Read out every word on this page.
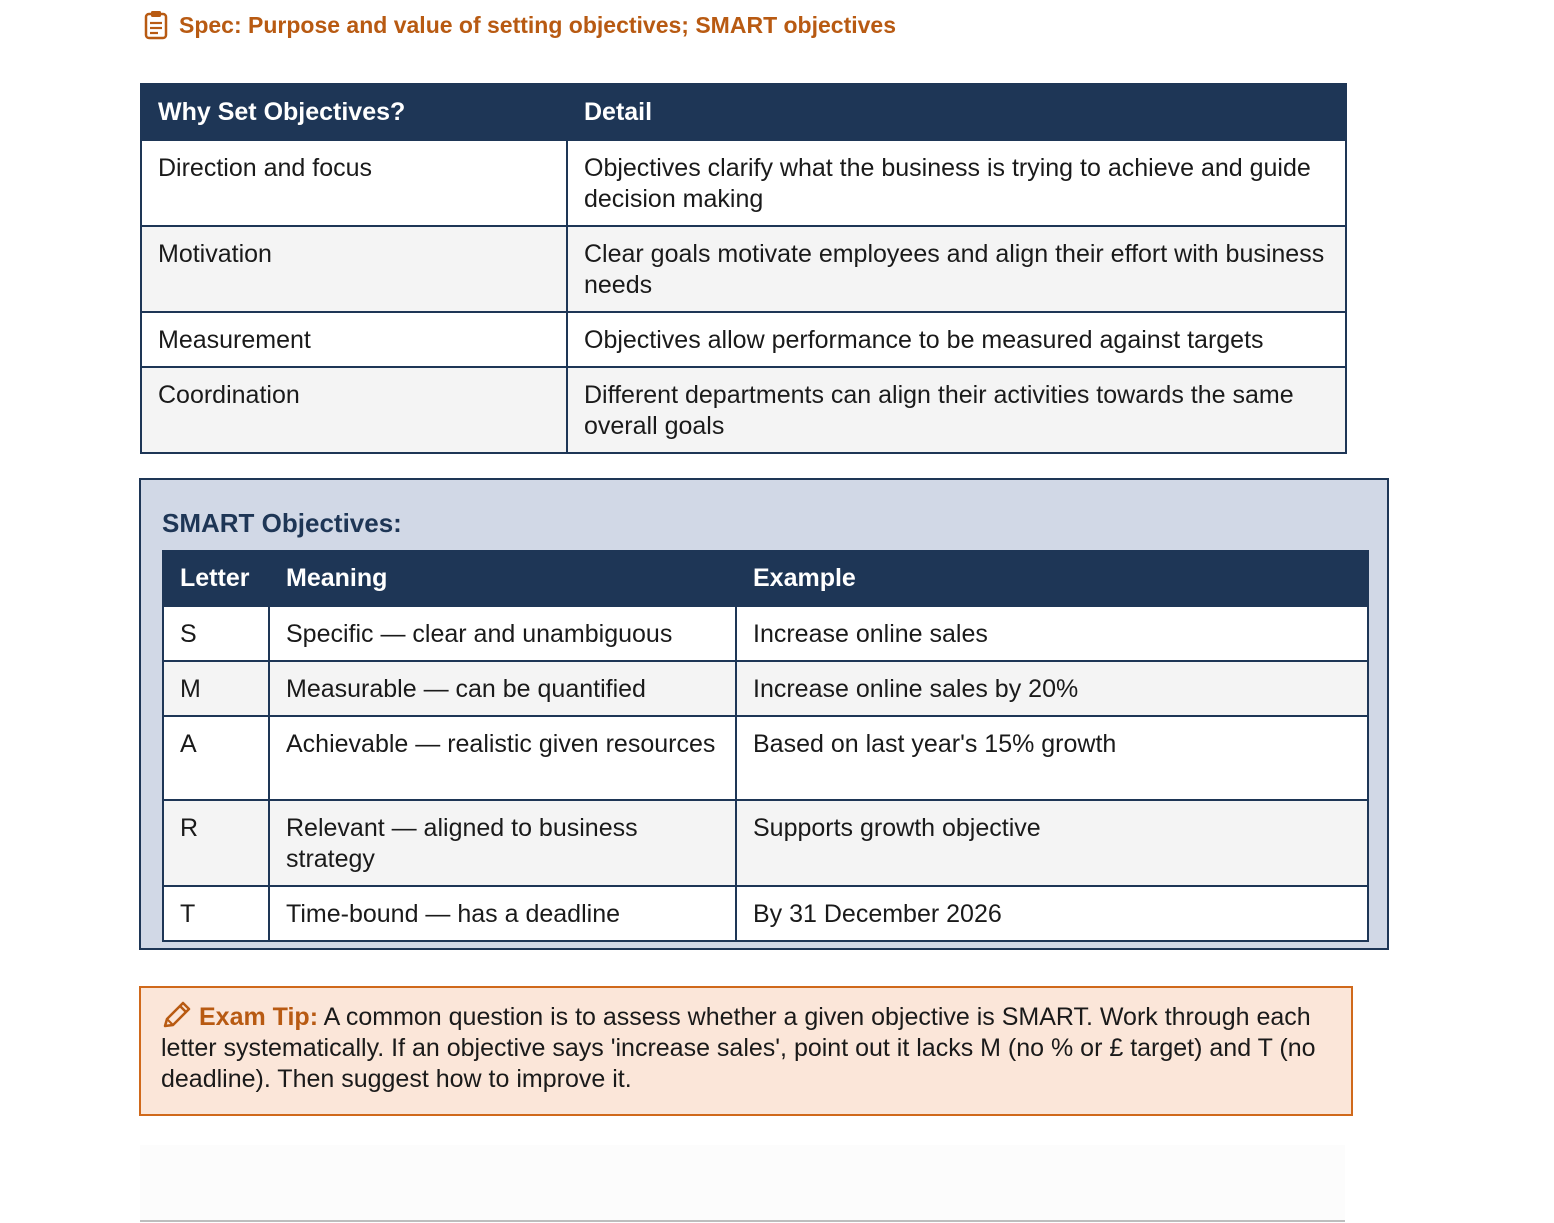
Spec: Purpose and value of setting objectives; SMART objectives
Why Set Objectives?	Detail
Direction and focus	Objectives clarify what the business is trying to achieve and guide decision making
Motivation	Clear goals motivate employees and align their effort with business needs
Measurement	Objectives allow performance to be measured against targets
Coordination	Different departments can align their activities towards the same overall goals
SMART Objectives:
Letter	Meaning	Example
S	Specific — clear and unambiguous	Increase online sales
M	Measurable — can be quantified	Increase online sales by 20%
A	Achievable — realistic given resources	Based on last year's 15% growth
R	Relevant — aligned to business strategy	Supports growth objective
T	Time-bound — has a deadline	By 31 December 2026
Exam Tip: A common question is to assess whether a given objective is SMART. Work through each letter systematically. If an objective says 'increase sales', point out it lacks M (no % or £ target) and T (no deadline). Then suggest how to improve it.
